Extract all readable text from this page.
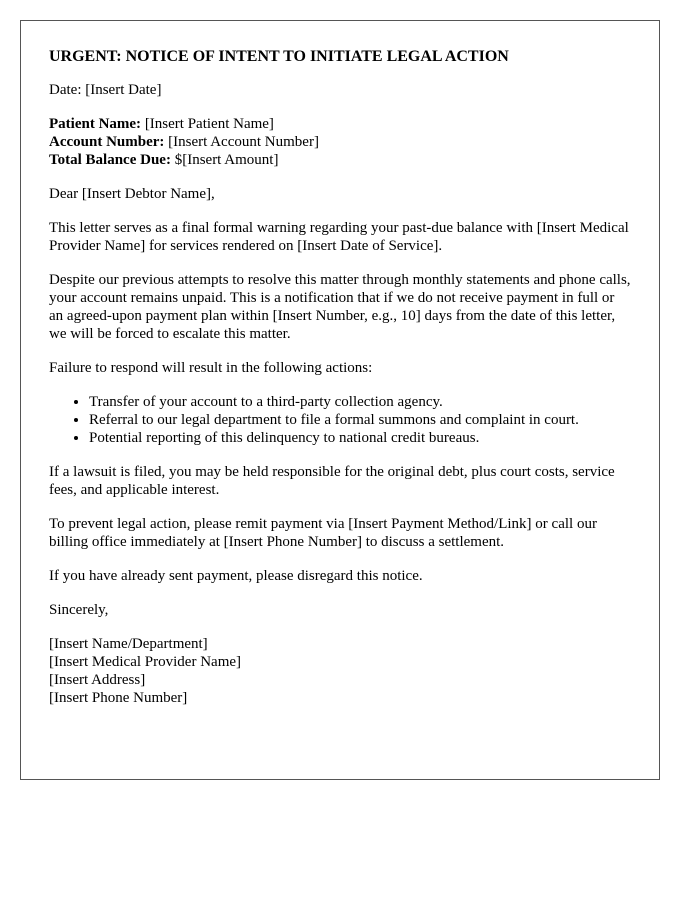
URGENT: NOTICE OF INTENT TO INITIATE LEGAL ACTION

Date: [Insert Date]

Patient Name: [Insert Patient Name]
Account Number: [Insert Account Number]
Total Balance Due: $[Insert Amount]

Dear [Insert Debtor Name],

This letter serves as a final formal warning regarding your past-due balance with [Insert Medical Provider Name] for services rendered on [Insert Date of Service].

Despite our previous attempts to resolve this matter through monthly statements and phone calls, your account remains unpaid. This is a notification that if we do not receive payment in full or an agreed-upon payment plan within [Insert Number, e.g., 10] days from the date of this letter, we will be forced to escalate this matter.

Failure to respond will result in the following actions:

• Transfer of your account to a third-party collection agency.
• Referral to our legal department to file a formal summons and complaint in court.
• Potential reporting of this delinquency to national credit bureaus.

If a lawsuit is filed, you may be held responsible for the original debt, plus court costs, service fees, and applicable interest.

To prevent legal action, please remit payment via [Insert Payment Method/Link] or call our billing office immediately at [Insert Phone Number] to discuss a settlement.

If you have already sent payment, please disregard this notice.

Sincerely,

[Insert Name/Department]
[Insert Medical Provider Name]
[Insert Address]
[Insert Phone Number]
